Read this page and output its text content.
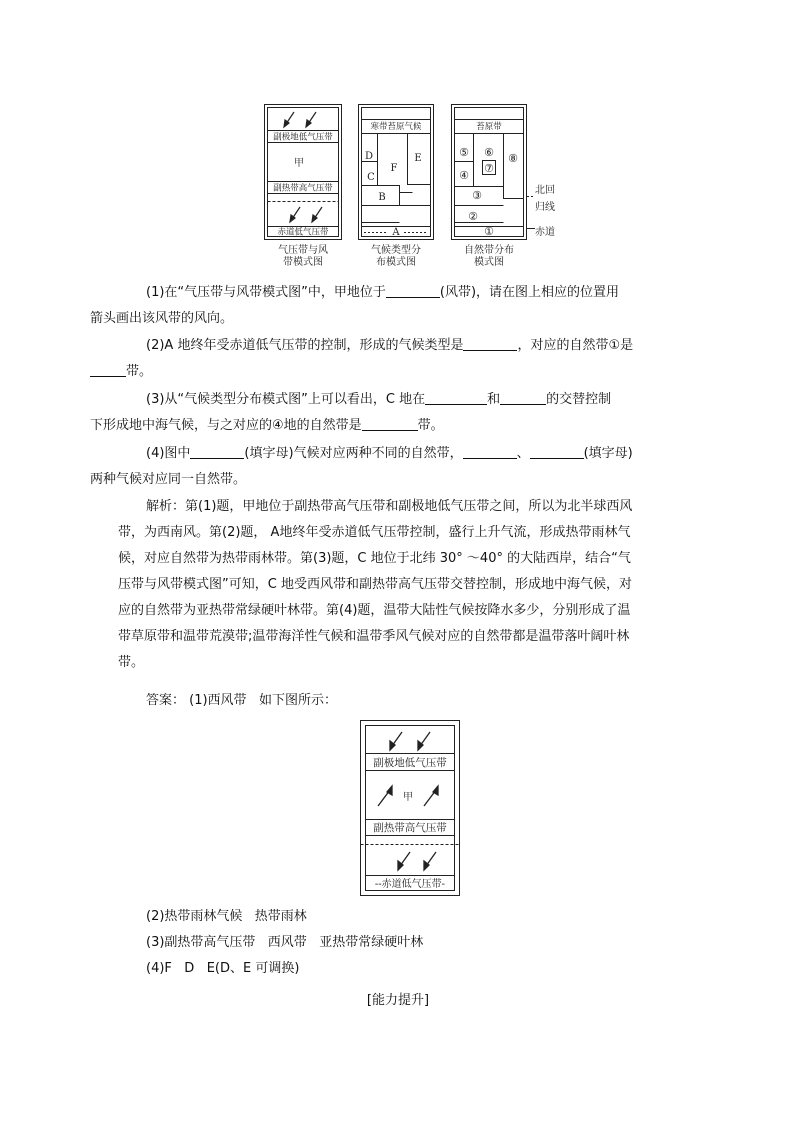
副极地低气压带
甲
副热带高气压带
赤道低气压带
气压带与风
带模式图
寒带苔原气候
D
F
E
C
B
A
气候类型分
布模式图
苔原带
⑤ ⑥
⑦
⑧
④
③
②
①
自然带分布
模式图
北回
归线
赤道

(1)在“气压带与风带模式图”中，甲地位于	(风带)，请在图上相应的位置用
箭头画出该风带的风向。

(2)A 地终年受赤道低气压带的控制，形成的气候类型是	，对应的自然带①是
带。

(3)从“气候类型分布模式图”上可以看出，C 地在	和	的交替控制
下形成地中海气候，与之对应的④地的自然带是	带。

(4)图中	(填字母)气候对应两种不同的自然带，	、	(填字母)
两种气候对应同一自然带。

解析：第(1)题，甲地位于副热带高气压带和副极地低气压带之间，所以为北半球西风
带，为西南风。第(2)题， A地终年受赤道低气压带控制，盛行上升气流，形成热带雨林气
候，对应自然带为热带雨林带。第(3)题，C 地位于北纬 30° ～40° 的大陆西岸，结合“气
压带与风带模式图”可知，C 地受西风带和副热带高气压带交替控制，形成地中海气候，对
应的自然带为亚热带常绿硬叶林带。第(4)题，温带大陆性气候按降水多少，分别形成了温
带草原带和温带荒漠带;温带海洋性气候和温带季风气候对应的自然带都是温带落叶阔叶林
带。
答案： (1)西风带   如下图所示：
副极地低气压带
甲
副热带高气压带
--赤道低气压带-
(2)热带雨林气候   热带雨林
(3)副热带高气压带   西风带   亚热带常绿硬叶林
(4)F   D   E(D、E 可调换)
[能力提升]
